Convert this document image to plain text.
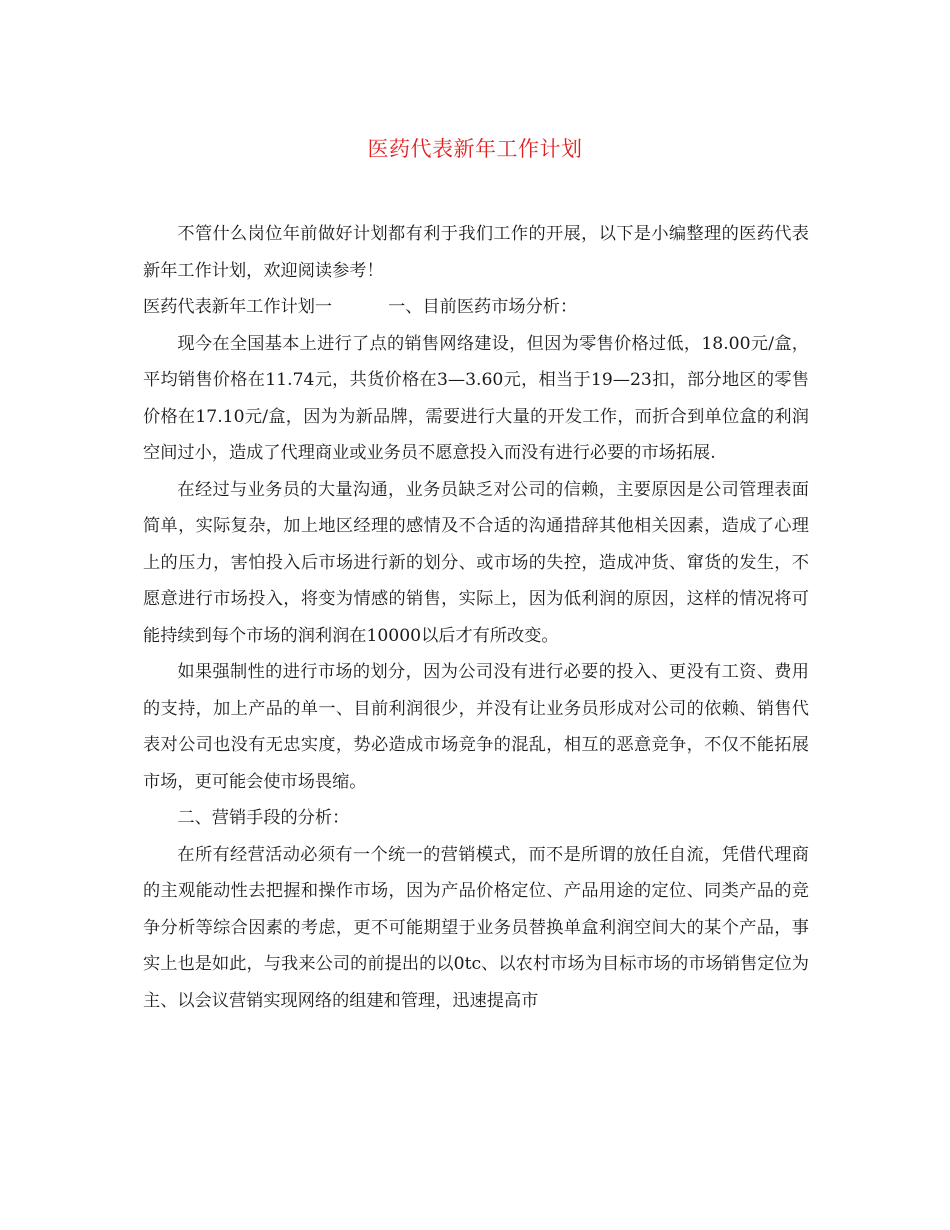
医药代表新年工作计划

不管什么岗位年前做好计划都有利于我们工作的开展，以下是小编整理的医药代表新年工作计划，欢迎阅读参考！

医药代表新年工作计划一	一、目前医药市场分析：

现今在全国基本上进行了点的销售网络建设，但因为零售价格过低，18.00元/盒，平均销售价格在11.74元，共货价格在3—3.60元，相当于19—23扣，部分地区的零售价格在17.10元/盒，因为为新品牌，需要进行大量的开发工作，而折合到单位盒的利润空间过小，造成了代理商业或业务员不愿意投入而没有进行必要的市场拓展.

在经过与业务员的大量沟通，业务员缺乏对公司的信赖，主要原因是公司管理表面简单，实际复杂，加上地区经理的感情及不合适的沟通措辞其他相关因素，造成了心理上的压力，害怕投入后市场进行新的划分、或市场的失控，造成冲货、窜货的发生，不愿意进行市场投入，将变为情感的销售，实际上，因为低利润的原因，这样的情况将可能持续到每个市场的润利润在10000以后才有所改变。

如果强制性的进行市场的划分，因为公司没有进行必要的投入、更没有工资、费用的支持，加上产品的单一、目前利润很少，并没有让业务员形成对公司的依赖、销售代表对公司也没有无忠实度，势必造成市场竞争的混乱，相互的恶意竞争，不仅不能拓展市场，更可能会使市场畏缩。

二、营销手段的分析：

在所有经营活动必须有一个统一的营销模式，而不是所谓的放任自流，凭借代理商的主观能动性去把握和操作市场，因为产品价格定位、产品用途的定位、同类产品的竞争分析等综合因素的考虑，更不可能期望于业务员替换单盒利润空间大的某个产品，事实上也是如此，与我来公司的前提出的以0tc、以农村市场为目标市场的市场销售定位为主、以会议营销实现网络的组建和管理，迅速提高市
